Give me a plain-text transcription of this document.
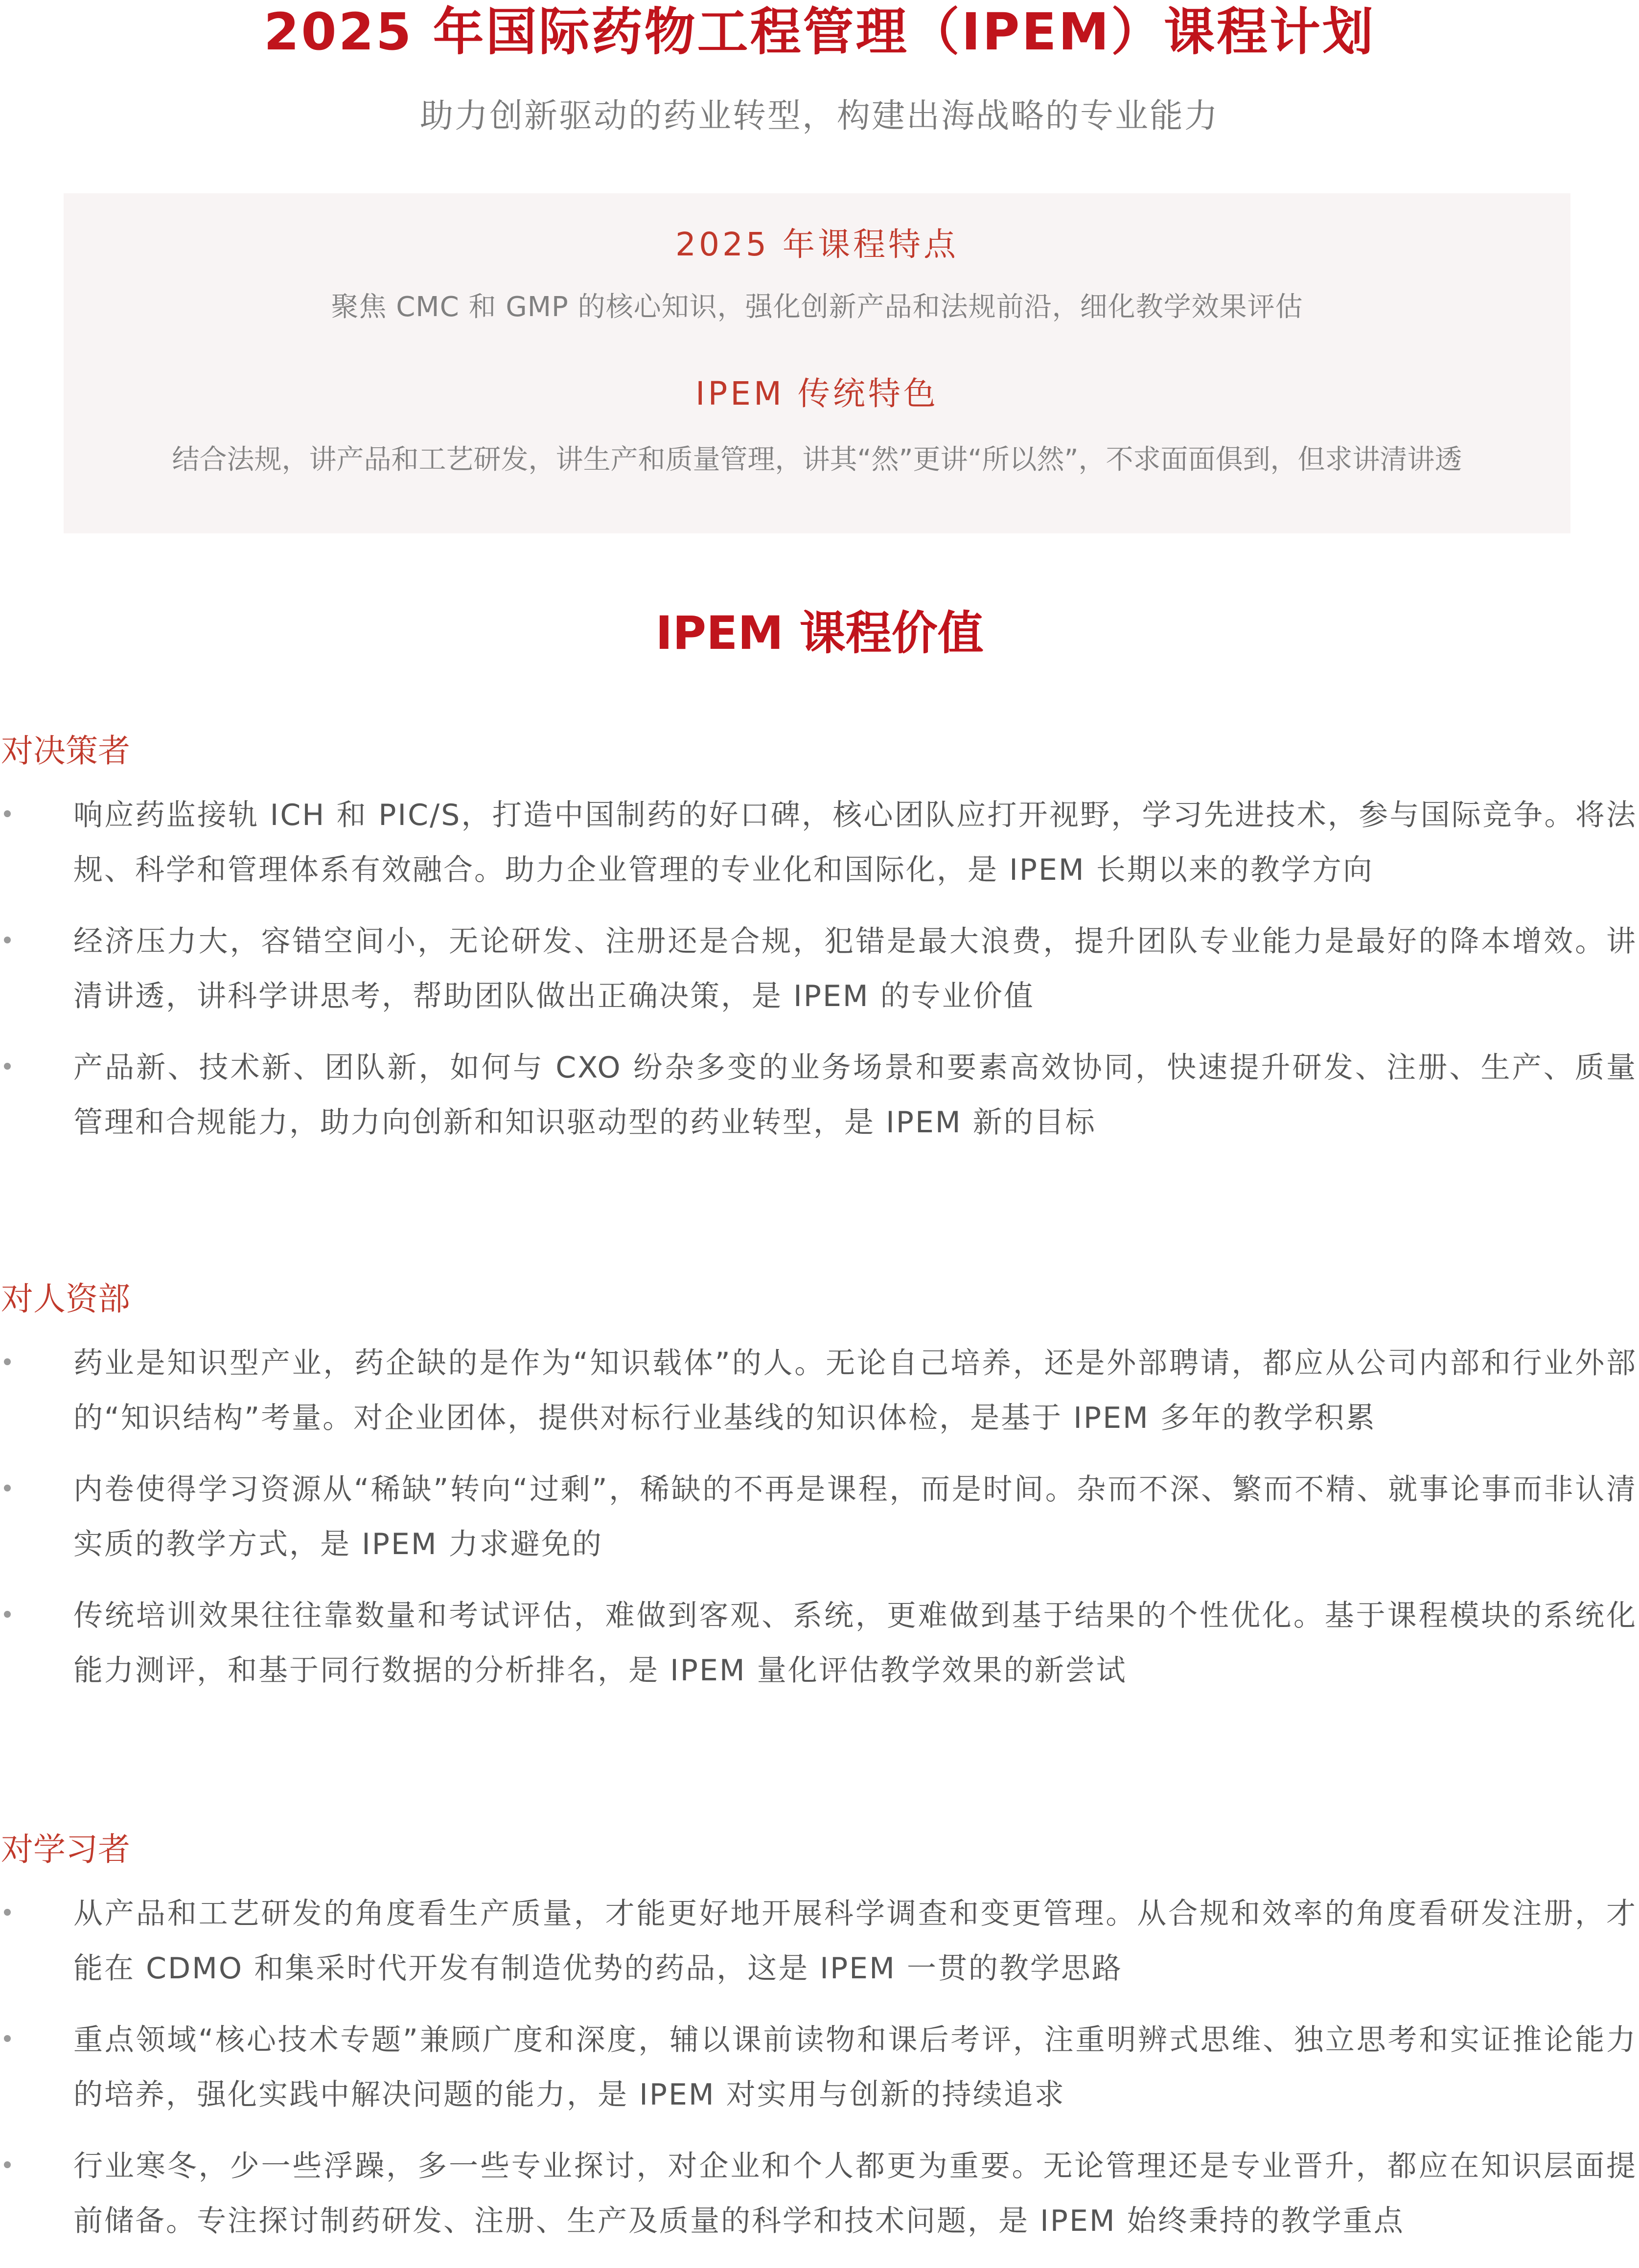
2025 年国际药物工程管理（IPEM）课程计划
助力创新驱动的药业转型，构建出海战略的专业能力
2025 年课程特点
聚焦 CMC 和 GMP 的核心知识，强化创新产品和法规前沿，细化教学效果评估
IPEM 传统特色
结合法规，讲产品和工艺研发，讲生产和质量管理，讲其“然”更讲“所以然”，不求面面俱到，但求讲清讲透
IPEM 课程价值
对决策者
响应药监接轨 ICH 和 PIC/S，打造中国制药的好口碑，核心团队应打开视野，学习先进技术，参与国际竞争。将法规、科学和管理体系有效融合。助力企业管理的专业化和国际化，是 IPEM 长期以来的教学方向
经济压力大，容错空间小，无论研发、注册还是合规，犯错是最大浪费，提升团队专业能力是最好的降本增效。讲清讲透，讲科学讲思考，帮助团队做出正确决策，是 IPEM 的专业价值
产品新、技术新、团队新，如何与 CXO 纷杂多变的业务场景和要素高效协同，快速提升研发、注册、生产、质量管理和合规能力，助力向创新和知识驱动型的药业转型，是 IPEM 新的目标
对人资部
药业是知识型产业，药企缺的是作为“知识载体”的人。无论自己培养，还是外部聘请，都应从公司内部和行业外部的“知识结构”考量。对企业团体，提供对标行业基线的知识体检，是基于 IPEM 多年的教学积累
内卷使得学习资源从“稀缺”转向“过剩”，稀缺的不再是课程，而是时间。杂而不深、繁而不精、就事论事而非认清实质的教学方式，是 IPEM 力求避免的
传统培训效果往往靠数量和考试评估，难做到客观、系统，更难做到基于结果的个性优化。基于课程模块的系统化能力测评，和基于同行数据的分析排名，是 IPEM 量化评估教学效果的新尝试
对学习者
从产品和工艺研发的角度看生产质量，才能更好地开展科学调查和变更管理。从合规和效率的角度看研发注册，才能在 CDMO 和集采时代开发有制造优势的药品，这是 IPEM 一贯的教学思路
重点领域“核心技术专题”兼顾广度和深度，辅以课前读物和课后考评，注重明辨式思维、独立思考和实证推论能力的培养，强化实践中解决问题的能力，是 IPEM 对实用与创新的持续追求
行业寒冬，少一些浮躁，多一些专业探讨，对企业和个人都更为重要。无论管理还是专业晋升，都应在知识层面提前储备。专注探讨制药研发、注册、生产及质量的科学和技术问题，是 IPEM 始终秉持的教学重点
